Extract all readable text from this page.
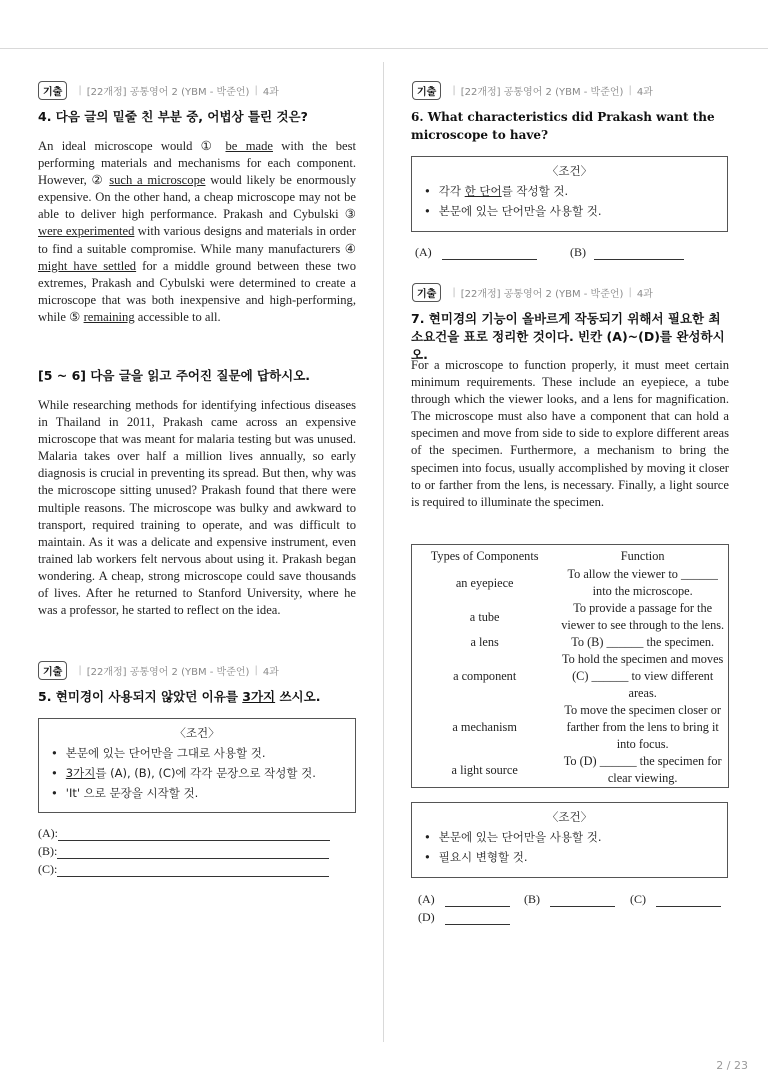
기출	| [22개정] 공통영어 2 (YBM - 박준언) | 4과
4. 다음 글의 밑줄 친 부분 중, 어법상 틀린 것은?
An ideal microscope would ① be made with the best performing materials and mechanisms for each component. However, ② such a microscope would likely be enormously expensive. On the other hand, a cheap microscope may not be able to deliver high performance. Prakash and Cybulski ③ were experimented with various designs and materials in order to find a suitable compromise. While many manufacturers ④ might have settled for a middle ground between these two extremes, Prakash and Cybulski were determined to create a microscope that was both inexpensive and high-performing, while ⑤ remaining accessible to all.
[5 ~ 6] 다음 글을 읽고 주어진 질문에 답하시오.
While researching methods for identifying infectious diseases in Thailand in 2011, Prakash came across an expensive microscope that was meant for malaria testing but was unused. Malaria takes over half a million lives annually, so early diagnosis is crucial in preventing its spread. But then, why was the microscope sitting unused? Prakash found that there were multiple reasons. The microscope was bulky and awkward to transport, required training to operate, and was difficult to maintain. As it was a delicate and expensive instrument, even trained lab workers felt nervous about using it. Prakash began wondering. A cheap, strong microscope could save thousands of lives. After he returned to Stanford University, where he was a professor, he started to reflect on the idea.
기출	| [22개정] 공통영어 2 (YBM - 박준언) | 4과
5. 현미경이 사용되지 않았던 이유를 3가지 쓰시오.
〈조건〉
• 본문에 있는 단어만을 그대로 사용할 것.
• 3가지를 (A), (B), (C)에 각각 문장으로 작성할 것.
• 'It' 으로 문장을 시작할 것.
(A):
(B):
(C):
기출	| [22개정] 공통영어 2 (YBM - 박준언) | 4과
6. What characteristics did Prakash want the microscope to have?
〈조건〉
• 각각 한 단어를 작성할 것.
• 본문에 있는 단어만을 사용할 것.
(A)	(B)
기출	| [22개정] 공통영어 2 (YBM - 박준언) | 4과
7. 현미경의 기능이 올바르게 작동되기 위해서 필요한 최소요건을 표로 정리한 것이다. 빈칸 (A)~(D)를 완성하시오.
For a microscope to function properly, it must meet certain minimum requirements. These include an eyepiece, a tube through which the viewer looks, and a lens for magnification. The microscope must also have a component that can hold a specimen and move from side to side to explore different areas of the specimen. Furthermore, a mechanism to bring the specimen into focus, usually accomplished by moving it closer to or farther from the lens, is necessary. Finally, a light source is required to illuminate the specimen.
Types of Components	Function
an eyepiece	To allow the viewer to ______ into the microscope.
a tube	To provide a passage for the viewer to see through to the lens.
a lens	To (B) ______ the specimen.
a component	To hold the specimen and moves (C) ______ to view different areas.
a mechanism	To move the specimen closer or farther from the lens to bring it into focus.
a light source	To (D) ______ the specimen for clear viewing.
〈조건〉
• 본문에 있는 단어만을 사용할 것.
• 필요시 변형할 것.
(A)	(B)	(C)
(D)
2 / 23
